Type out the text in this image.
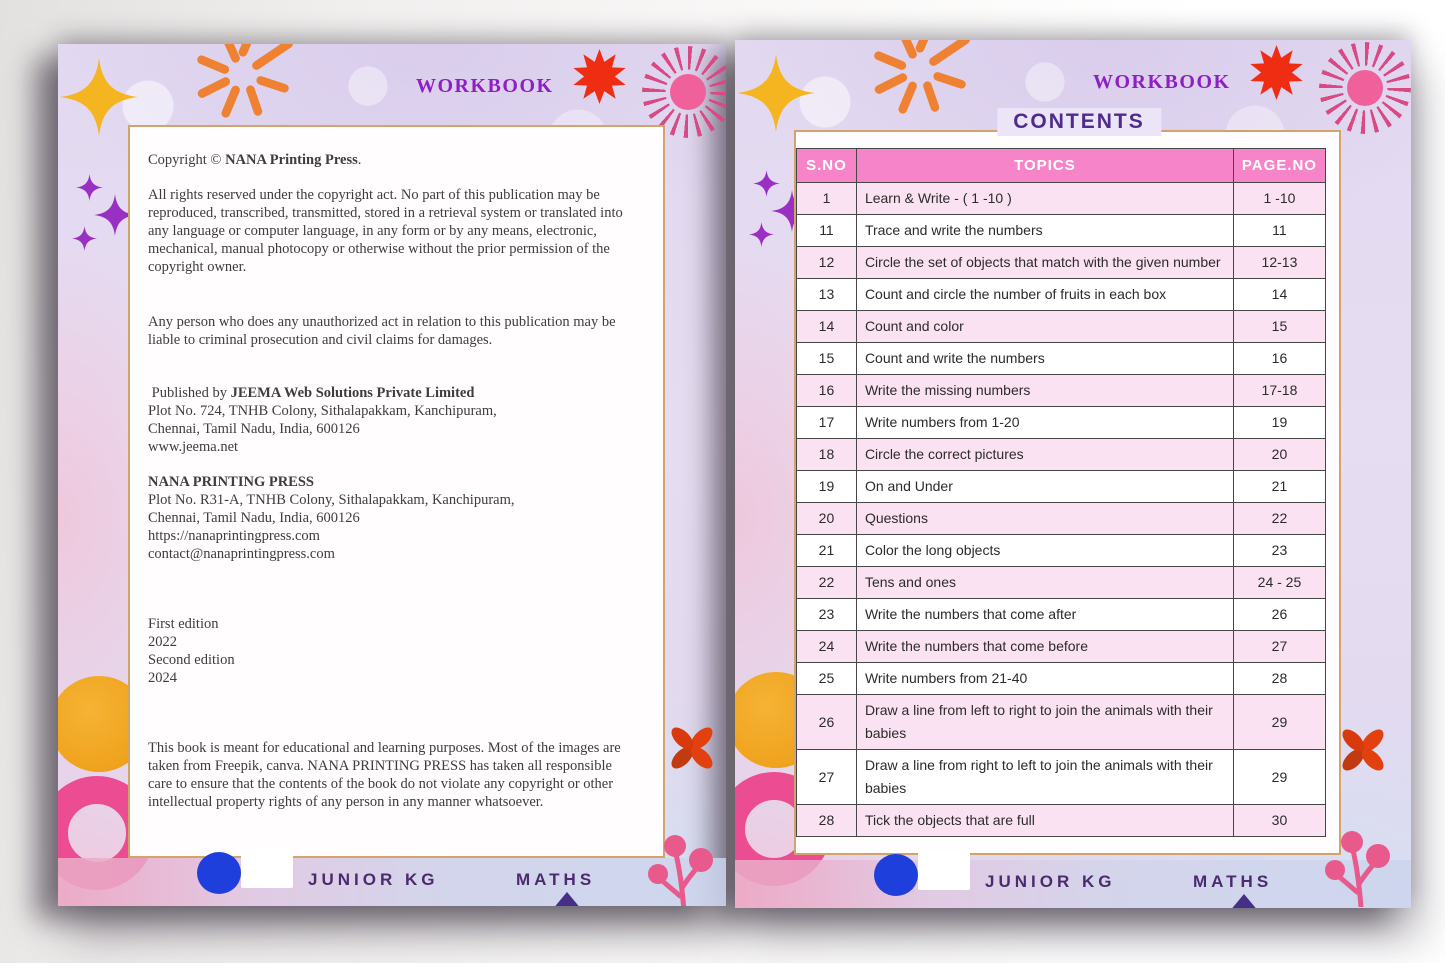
WORKBOOK

Copyright © NANA Printing Press.

All rights reserved under the copyright act. No part of this publication may be reproduced, transcribed, transmitted, stored in a retrieval system or translated into any language or computer language, in any form or by any means, electronic, mechanical, manual photocopy or otherwise without the prior permission of the copyright owner.

Any person who does any unauthorized act in relation to this publication may be liable to criminal prosecution and civil claims for damages.

Published by JEEMA Web Solutions Private Limited
Plot No. 724, TNHB Colony, Sithalapakkam, Kanchipuram,
Chennai, Tamil Nadu, India, 600126
www.jeema.net
NANA PRINTING PRESS
Plot No. R31-A, TNHB Colony, Sithalapakkam, Kanchipuram,
Chennai, Tamil Nadu, India, 600126
https://nanaprintingpress.com
contact@nanaprintingpress.com
First edition
2022
Second edition
2024

This book is meant for educational and learning purposes. Most of the images are taken from Freepik, canva. NANA PRINTING PRESS has taken all responsible care to ensure that the contents of the book do not violate any copyright or other intellectual property rights of any person in any manner whatsoever.

JUNIOR KG	MATHS
WORKBOOK
CONTENTS
S.NO	TOPICS	PAGE.NO
1	Learn & Write - ( 1 -10 )	1 -10
11	Trace and write the numbers	11
12	Circle the set of objects that match with the given number	12-13
13	Count and circle the number of fruits in each box	14
14	Count and color	15
15	Count and write the numbers	16
16	Write the missing numbers	17-18
17	Write numbers from 1-20	19
18	Circle the correct pictures	20
19	On and Under	21
20	Questions	22
21	Color the long objects	23
22	Tens and ones	24 - 25
23	Write the numbers that come after	26
24	Write the numbers that come before	27
25	Write numbers from 21-40	28
26	Draw a line from left to right to join the animals with their babies	29
27	Draw a line from right to left to join the animals with their babies	29
28	Tick the objects that are full	30
JUNIOR KG	MATHS
